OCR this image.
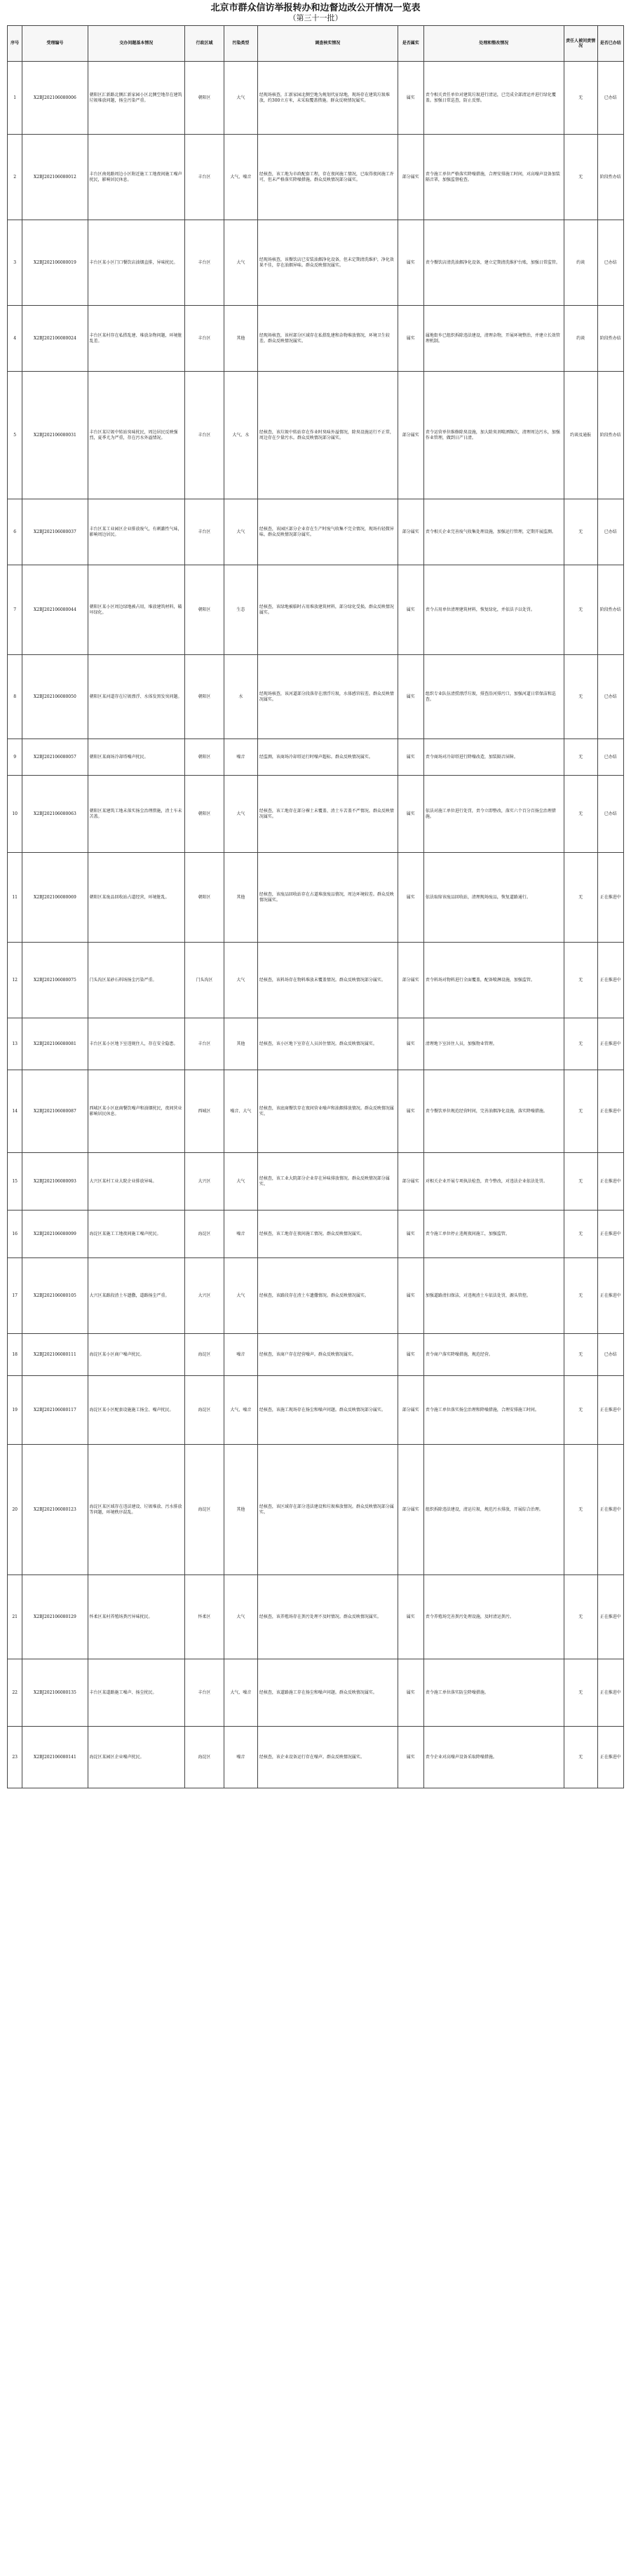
北京市群众信访举报转办和边督边改公开情况一览表
（第三十一批）
序号	受理编号	交办问题基本情况	行政区域	污染类型	调查核实情况	是否属实	处理和整改情况	责任人被问责情况	是否已办结
1	X2BJ202106080006	朝阳区汇新路北侧汇新家园小区北侧空地存在建筑垃圾堆放问题，扬尘污染严重。	朝阳区	大气	经现场核查，汇新家园北侧空地为规划代征绿地，现场存在建筑垃圾堆放，约300立方米，未采取覆盖措施。群众反映情况属实。	属实	责令相关责任单位对建筑垃圾进行清运，已完成全部清运并进行绿化覆盖。加强日常巡查，防止反弹。	无	已办结
2	X2BJ202106080012	丰台区南苑路周边小区附近施工工地夜间施工噪声扰民，影响居民休息。	丰台区	大气、噪音	经核查，该工地为市政配套工程，存在夜间施工情况，已取得夜间施工许可，但未严格落实降噪措施。群众反映情况部分属实。	部分属实	责令施工单位严格落实降噪措施，合理安排施工时间，对高噪声设备加装隔音罩，加强监督检查。	无	阶段性办结
3	X2BJ202106080019	丰台区某小区门口餐饮店油烟直排，异味扰民。	丰台区	大气	经现场核查，该餐饮店已安装油烟净化设备，但未定期清洗维护，净化效果不佳，存在油烟异味。群众反映情况属实。	属实	责令餐饮店清洗油烟净化设备，建立定期清洗维护台账，加强日常监管。	约谈	已办结
4	X2BJ202106080024	丰台区某村存在私搭乱建、堆放杂物问题，环境脏乱差。	丰台区	其他	经现场核查，该村部分区域存在私搭乱建和杂物堆放情况，环境卫生较差。群众反映情况属实。	属实	属地街乡已组织拆除违法建设，清理杂物，开展环境整治，并建立长效管理机制。	约谈	阶段性办结
5	X2BJ202106080031	丰台区某垃圾中转站臭味扰民，周边居民反映强烈，夏季尤为严重，存在污水外溢情况。	丰台区	大气、水	经核查，该垃圾中转站存在作业时臭味外溢情况，除臭设施运行不正常，周边存在少量污水。群众反映情况部分属实。	部分属实	责令运营单位维修除臭设施，加大除臭剂喷洒频次，清理周边污水，加强作业管理，做到日产日清。	约谈及通报	阶段性办结
6	X2BJ202106080037	丰台区某工业园区企业排放废气，有刺激性气味，影响周边居民。	丰台区	大气	经核查，该园区部分企业存在生产时废气收集不完全情况，现场有轻微异味。群众反映情况部分属实。	部分属实	责令相关企业完善废气收集处理设施，加强运行管理，定期开展监测。	无	已办结
7	X2BJ202106080044	朝阳区某小区周边绿地被占用，堆放建筑材料，破坏绿化。	朝阳区	生态	经核查，该绿地被临时占用堆放建筑材料，部分绿化受损。群众反映情况属实。	属实	责令占用单位清理建筑材料，恢复绿化，并依法予以处罚。	无	阶段性办结
8	X2BJ202106080050	朝阳区某河道存在垃圾漂浮、水体发黑发臭问题。	朝阳区	水	经现场核查，该河道部分段落存在漂浮垃圾，水体感官较差。群众反映情况属实。	属实	组织专业队伍清捞漂浮垃圾，排查沿河排污口，加强河道日常保洁和巡查。	无	已办结
9	X2BJ202106080057	朝阳区某商场冷却塔噪声扰民。	朝阳区	噪音	经监测，该商场冷却塔运行时噪声超标。群众反映情况属实。	属实	责令商场对冷却塔进行降噪改造，加装隔音屏障。	无	已办结
10	X2BJ202106080063	朝阳区某建筑工地未落实扬尘治理措施，渣土车未苫盖。	朝阳区	大气	经核查，该工地存在部分裸土未覆盖、渣土车苫盖不严情况。群众反映情况属实。	属实	依法对施工单位进行处罚，责令立即整改，落实六个百分百扬尘治理措施。	无	已办结
11	X2BJ202106080069	朝阳区某废品回收站占道经营，环境脏乱。	朝阳区	其他	经核查，该废品回收站存在占道堆放废品情况，周边环境较差。群众反映情况属实。	属实	依法取缔该废品回收站，清理现场废品，恢复道路通行。	无	正在推进中
12	X2BJ202106080075	门头沟区某砂石料场扬尘污染严重。	门头沟区	大气	经核查，该料场存在物料堆放未覆盖情况。群众反映情况部分属实。	部分属实	责令料场对物料进行全面覆盖，配备喷淋设施，加强监管。	无	正在推进中
13	X2BJ202106080081	丰台区某小区地下室违规住人，存在安全隐患。	丰台区	其他	经核查，该小区地下室存在人员居住情况。群众反映情况属实。	属实	清理地下室居住人员，加强物业管理。	无	正在推进中
14	X2BJ202106080087	西城区某小区底商餐饮噪声和油烟扰民，夜间营业影响居民休息。	西城区	噪音、大气	经核查，该底商餐饮存在夜间营业噪声和油烟排放情况。群众反映情况属实。	属实	责令餐饮单位规范经营时间，完善油烟净化设施，落实降噪措施。	无	正在推进中
15	X2BJ202106080093	大兴区某村工业大院企业排放异味。	大兴区	大气	经核查，该工业大院部分企业存在异味排放情况。群众反映情况部分属实。	部分属实	对相关企业开展专项执法检查，责令整改，对违法企业依法处罚。	无	正在推进中
16	X2BJ202106080099	海淀区某施工工地夜间施工噪声扰民。	海淀区	噪音	经核查，该工地存在夜间施工情况。群众反映情况属实。	属实	责令施工单位停止违规夜间施工，加强监管。	无	正在推进中
17	X2BJ202106080105	大兴区某路段渣土车遗撒，道路扬尘严重。	大兴区	大气	经核查，该路段存在渣土车遗撒情况。群众反映情况属实。	属实	加强道路清扫保洁，对违规渣土车依法处罚，源头管控。	无	正在推进中
18	X2BJ202106080111	海淀区某小区商户噪声扰民。	海淀区	噪音	经核查，该商户存在经营噪声。群众反映情况属实。	属实	责令商户落实降噪措施，规范经营。	无	已办结
19	X2BJ202106080117	海淀区某小区配套设施施工扬尘、噪声扰民。	海淀区	大气、噪音	经核查，该施工现场存在扬尘和噪声问题。群众反映情况部分属实。	部分属实	责令施工单位落实扬尘治理和降噪措施，合理安排施工时间。	无	正在推进中
20	X2BJ202106080123	海淀区某区域存在违法建设、垃圾堆放、污水排放等问题，环境秩序混乱。	海淀区	其他	经核查，该区域存在部分违法建设和垃圾堆放情况。群众反映情况部分属实。	部分属实	组织拆除违法建设，清运垃圾，规范污水排放，开展综合治理。	无	正在推进中
21	X2BJ202106080129	怀柔区某村养殖场粪污异味扰民。	怀柔区	大气	经核查，该养殖场存在粪污处理不及时情况。群众反映情况属实。	属实	责令养殖场完善粪污处理设施，及时清运粪污。	无	正在推进中
22	X2BJ202106080135	丰台区某道路施工噪声、扬尘扰民。	丰台区	大气、噪音	经核查，该道路施工存在扬尘和噪声问题。群众反映情况属实。	属实	责令施工单位落实防尘降噪措施。	无	正在推进中
23	X2BJ202106080141	海淀区某园区企业噪声扰民。	海淀区	噪音	经核查，该企业设备运行存在噪声。群众反映情况属实。	属实	责令企业对高噪声设备采取降噪措施。	无	正在推进中
